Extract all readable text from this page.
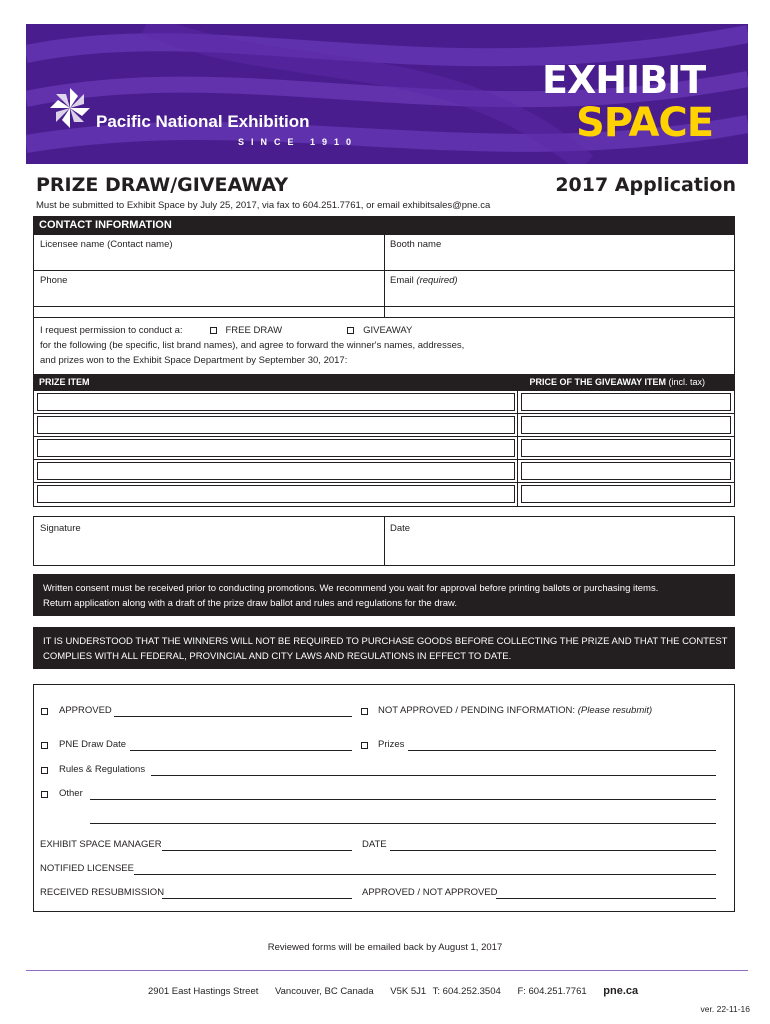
Pacific National Exhibition
SINCE 1910
EXHIBIT
SPACE
PRIZE DRAW/GIVEAWAY	2017 Application
Must be submitted to Exhibit Space by July 25, 2017, via fax to 604.251.7761, or email exhibitsales@pne.ca
CONTACT INFORMATION
Licensee name (Contact name)	Booth name
Phone	Email (required)
I request permission to conduct a:	FREE DRAW	GIVEAWAY
for the following (be specific, list brand names), and agree to forward the winner's names, addresses,
and prizes won to the Exhibit Space Department by September 30, 2017:
PRIZE ITEM	PRICE OF THE GIVEAWAY ITEM (incl. tax)
Signature	Date
Written consent must be received prior to conducting promotions. We recommend you wait for approval before printing ballots or purchasing items.
Return application along with a draft of the prize draw ballot and rules and regulations for the draw.
IT IS UNDERSTOOD THAT THE WINNERS WILL NOT BE REQUIRED TO PURCHASE GOODS BEFORE COLLECTING THE PRIZE AND THAT THE CONTEST
COMPLIES WITH ALL FEDERAL, PROVINCIAL AND CITY LAWS AND REGULATIONS IN EFFECT TO DATE.
APPROVED	NOT APPROVED / PENDING INFORMATION: (Please resubmit)
PNE Draw Date	Prizes
Rules & Regulations
Other
EXHIBIT SPACE MANAGER	DATE
NOTIFIED LICENSEE
RECEIVED RESUBMISSION	APPROVED / NOT APPROVED
Reviewed forms will be emailed back by August 1, 2017
2901 East Hastings Street Vancouver, BC Canada V5K 5J1 T: 604.252.3504 F: 604.251.7761 pne.ca
ver. 22-11-16
